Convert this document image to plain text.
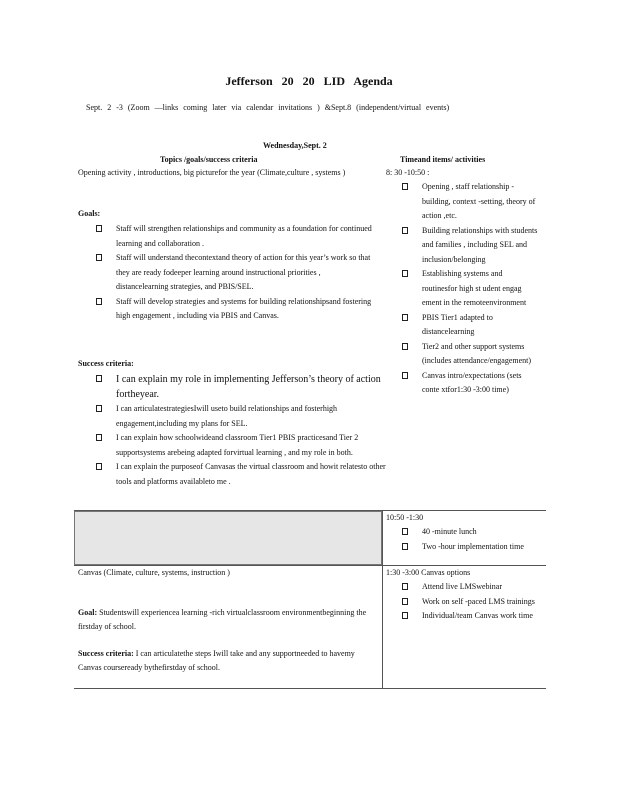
Jefferson 20 20 LID Agenda
Sept. 2 -3 (Zoom —links coming later via calendar invitations ) &Sept.8 (independent/virtual events)
Wednesday,Sept. 2
Topics /goals/success criteria	Timeand items/ activities
Opening activity , introductions, big picturefor the year (Climate,culture , systems )
Goals:
Staff will strengthen relationships and community as a foundation for continued learning and collaboration .
Staff will understand thecontextand theory of action for this year’s work so that they are ready fodeeper learning around instructional priorities , distancelearning strategies, and PBIS/SEL.
Staff will develop strategies and systems for building relationshipsand fostering high engagement , including via PBIS and Canvas.
Success criteria:
I can explain my role in implementing Jefferson’s theory of action fortheyear.
I can articulatestrategiesIwill useto build relationships and fosterhigh engagement,including my plans for SEL.
I can explain how schoolwideand classroom Tier1 PBIS practicesand Tier 2 supportsystems arebeing adapted forvirtual learning , and my role in both.
I can explain the purposeof Canvasas the virtual classroom and howit relatesto other tools and platforms availableto me .
8: 30 -10:50 :
Opening , staff relationship -building, context -setting, theory of action ,etc.
Building relationships with students and families , including SEL and inclusion/belonging
Establishing systems and routinesfor high st udent engag ement in the remoteenvironment
PBIS Tier1 adapted to distancelearning
Tier2 and other support systems (includes attendance/engagement)
Canvas intro/expectations (sets conte xtfor1:30 -3:00 time)
10:50 -1:30
40 -minute lunch
Two -hour implementation time
Canvas (Climate, culture, systems, instruction )
Goal: Studentswill experiencea learning -rich virtualclassroom environmentbeginning the firstday of school.
Success criteria: I can articulatethe steps Iwill take and any supportneeded to havemy Canvas courseready bythefirstday of school.
1:30 -3:00 Canvas options
Attend live LMSwebinar
Work on self -paced LMS trainings
Individual/team Canvas work time
